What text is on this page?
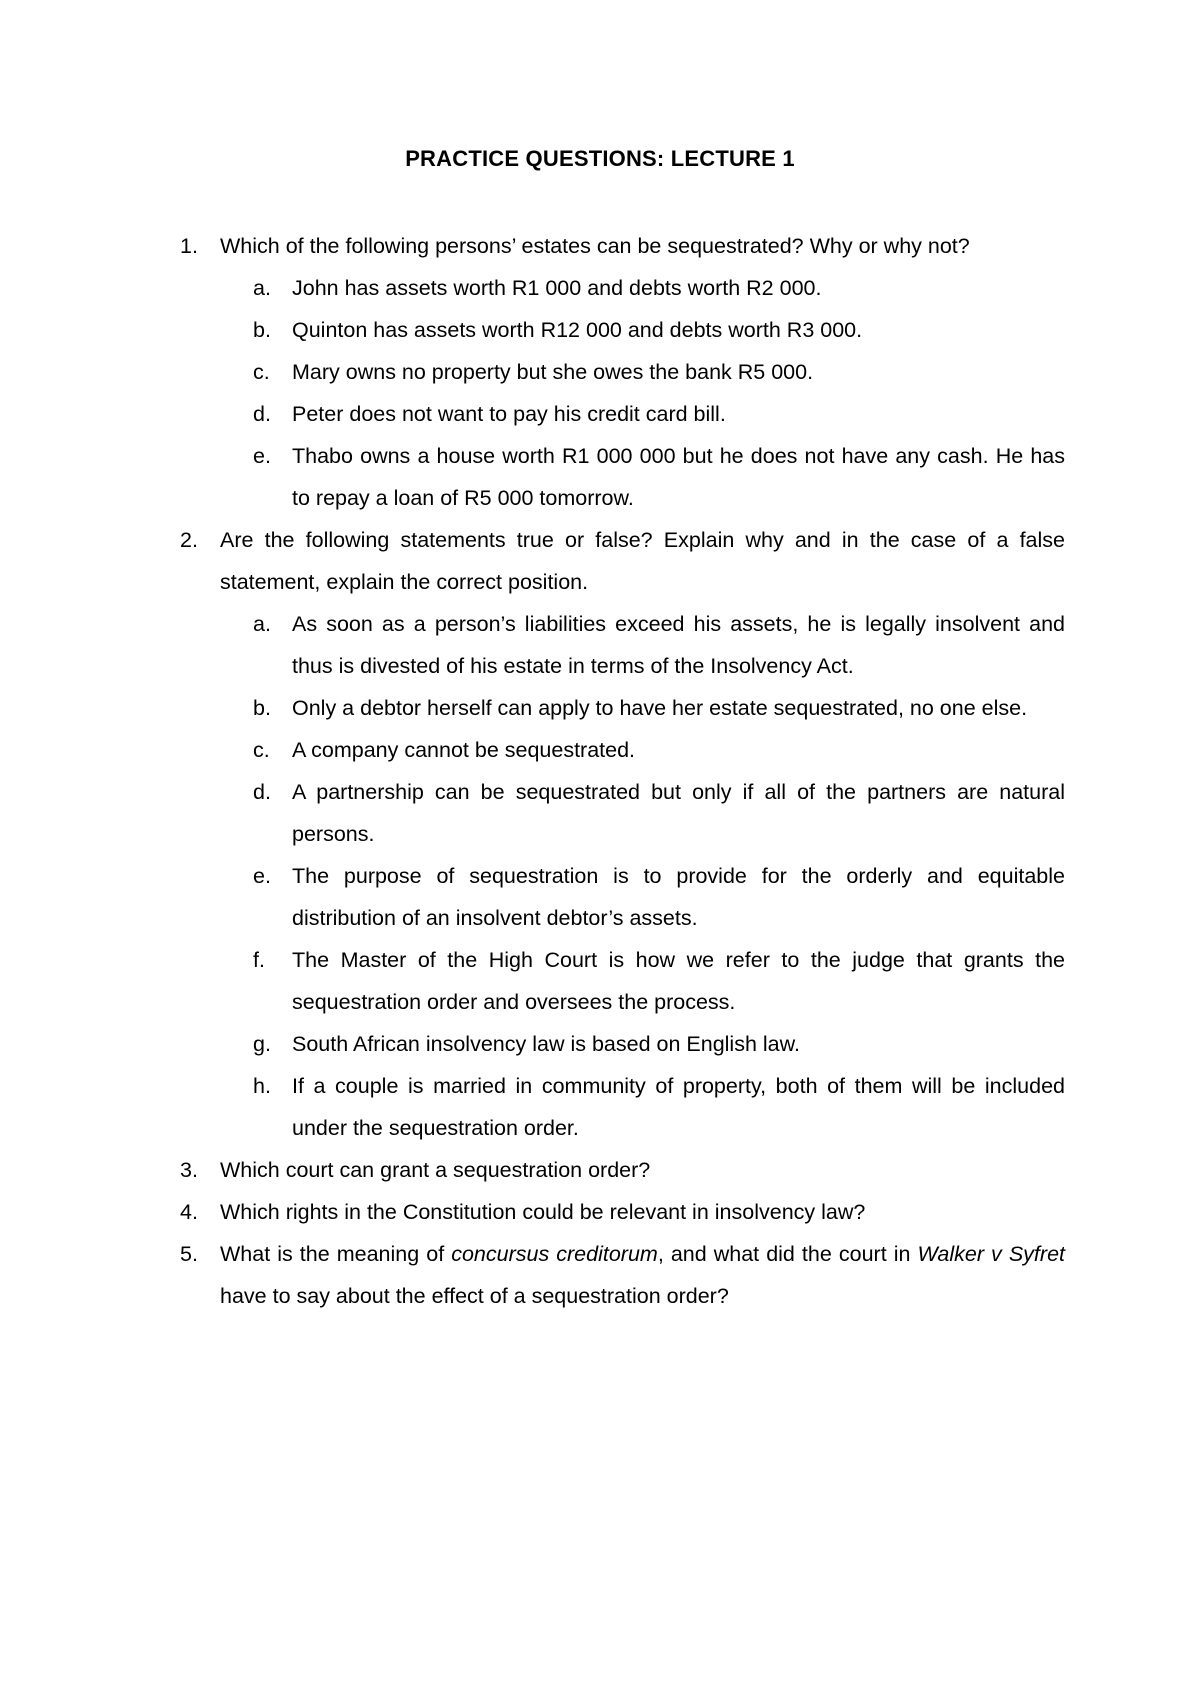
PRACTICE QUESTIONS: LECTURE 1
1. Which of the following persons’ estates can be sequestrated? Why or why not?
a. John has assets worth R1 000 and debts worth R2 000.
b. Quinton has assets worth R12 000 and debts worth R3 000.
c. Mary owns no property but she owes the bank R5 000.
d. Peter does not want to pay his credit card bill.
e. Thabo owns a house worth R1 000 000 but he does not have any cash. He has to repay a loan of R5 000 tomorrow.
2. Are the following statements true or false? Explain why and in the case of a false statement, explain the correct position.
a. As soon as a person’s liabilities exceed his assets, he is legally insolvent and thus is divested of his estate in terms of the Insolvency Act.
b. Only a debtor herself can apply to have her estate sequestrated, no one else.
c. A company cannot be sequestrated.
d. A partnership can be sequestrated but only if all of the partners are natural persons.
e. The purpose of sequestration is to provide for the orderly and equitable distribution of an insolvent debtor’s assets.
f. The Master of the High Court is how we refer to the judge that grants the sequestration order and oversees the process.
g. South African insolvency law is based on English law.
h. If a couple is married in community of property, both of them will be included under the sequestration order.
3. Which court can grant a sequestration order?
4. Which rights in the Constitution could be relevant in insolvency law?
5. What is the meaning of concursus creditorum, and what did the court in Walker v Syfret have to say about the effect of a sequestration order?
